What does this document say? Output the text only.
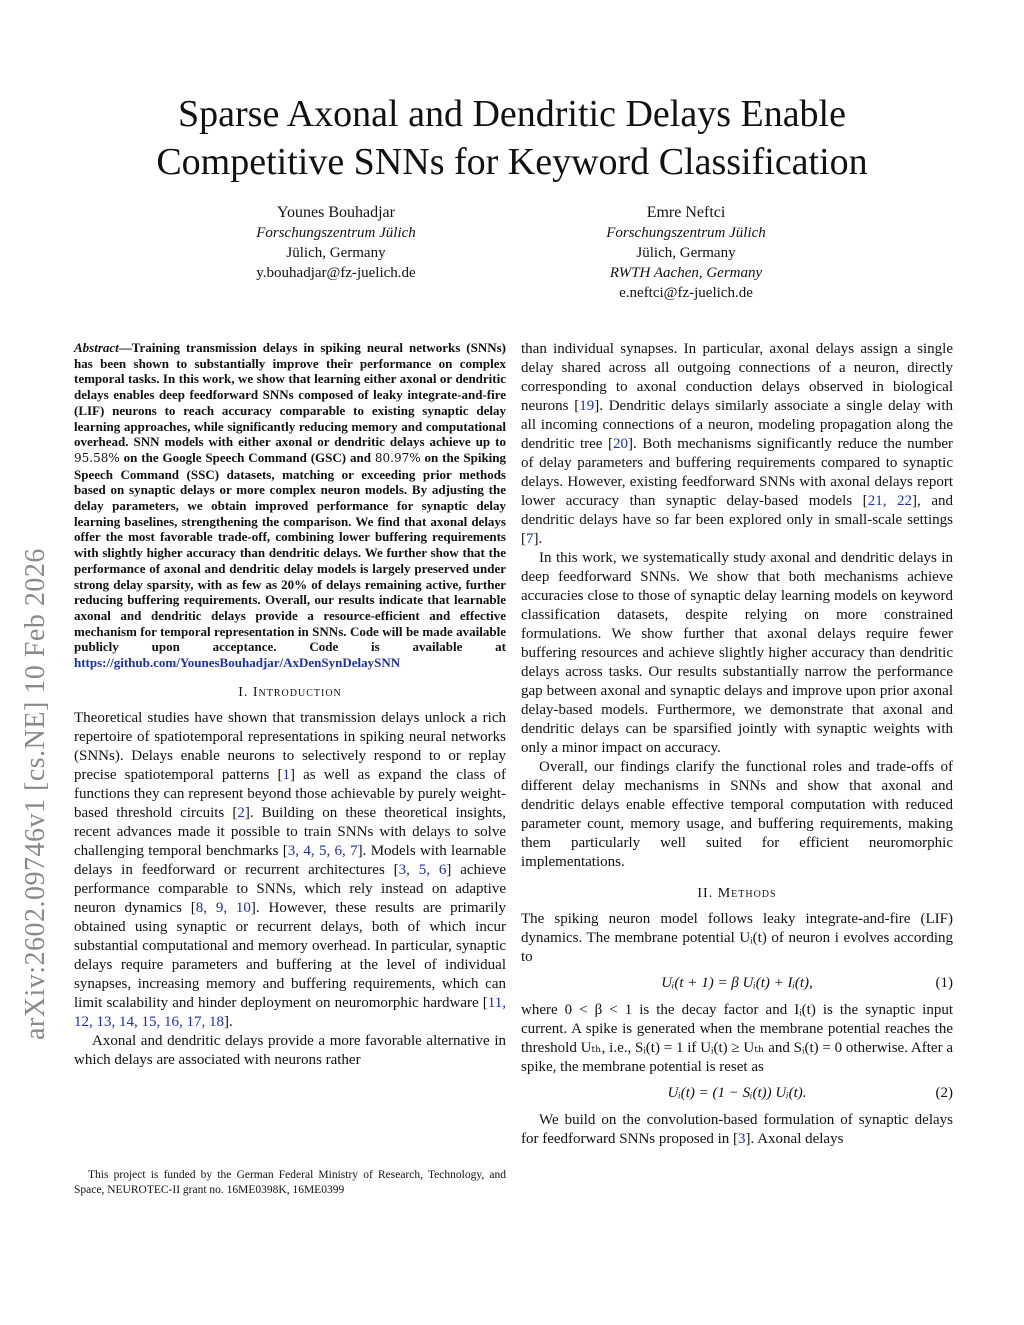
arXiv:2602.09746v1 [cs.NE] 10 Feb 2026
Sparse Axonal and Dendritic Delays Enable
Competitive SNNs for Keyword Classification
Younes Bouhadjar
Forschungszentrum Jülich
Jülich, Germany
y.bouhadjar@fz-juelich.de
Emre Neftci
Forschungszentrum Jülich
Jülich, Germany
RWTH Aachen, Germany
e.neftci@fz-juelich.de
Abstract—Training transmission delays in spiking neural networks (SNNs) has been shown to substantially improve their performance on complex temporal tasks. In this work, we show that learning either axonal or dendritic delays enables deep feedforward SNNs composed of leaky integrate-and-fire (LIF) neurons to reach accuracy comparable to existing synaptic delay learning approaches, while significantly reducing memory and computational overhead. SNN models with either axonal or dendritic delays achieve up to 95.58% on the Google Speech Command (GSC) and 80.97% on the Spiking Speech Command (SSC) datasets, matching or exceeding prior methods based on synaptic delays or more complex neuron models. By adjusting the delay parameters, we obtain improved performance for synaptic delay learning baselines, strengthening the comparison. We find that axonal delays offer the most favorable trade-off, combining lower buffering requirements with slightly higher accuracy than dendritic delays. We further show that the performance of axonal and dendritic delay models is largely preserved under strong delay sparsity, with as few as 20% of delays remaining active, further reducing buffering requirements. Overall, our results indicate that learnable axonal and dendritic delays provide a resource-efficient and effective mechanism for temporal representation in SNNs. Code will be made available publicly upon acceptance. Code is available at https://github.com/YounesBouhadjar/AxDenSynDelaySNN
I. Introduction

Theoretical studies have shown that transmission delays unlock a rich repertoire of spatiotemporal representations in spiking neural networks (SNNs). Delays enable neurons to selectively respond to or replay precise spatiotemporal patterns [1] as well as expand the class of functions they can represent beyond those achievable by purely weight-based threshold circuits [2]. Building on these theoretical insights, recent advances made it possible to train SNNs with delays to solve challenging temporal benchmarks [3, 4, 5, 6, 7]. Models with learnable delays in feedforward or recurrent architectures [3, 5, 6] achieve performance comparable to SNNs, which rely instead on adaptive neuron dynamics [8, 9, 10]. However, these results are primarily obtained using synaptic or recurrent delays, both of which incur substantial computational and memory overhead. In particular, synaptic delays require parameters and buffering at the level of individual synapses, increasing memory and buffering requirements, which can limit scalability and hinder deployment on neuromorphic hardware [11, 12, 13, 14, 15, 16, 17, 18].

Axonal and dendritic delays provide a more favorable alternative in which delays are associated with neurons rather

This project is funded by the German Federal Ministry of Research, Technology, and Space, NEUROTEC-II grant no. 16ME0398K, 16ME0399

than individual synapses. In particular, axonal delays assign a single delay shared across all outgoing connections of a neuron, directly corresponding to axonal conduction delays observed in biological neurons [19]. Dendritic delays similarly associate a single delay with all incoming connections of a neuron, modeling propagation along the dendritic tree [20]. Both mechanisms significantly reduce the number of delay parameters and buffering requirements compared to synaptic delays. However, existing feedforward SNNs with axonal delays report lower accuracy than synaptic delay-based models [21, 22], and dendritic delays have so far been explored only in small-scale settings [7].

In this work, we systematically study axonal and dendritic delays in deep feedforward SNNs. We show that both mechanisms achieve accuracies close to those of synaptic delay learning models on keyword classification datasets, despite relying on more constrained formulations. We show further that axonal delays require fewer buffering resources and achieve slightly higher accuracy than dendritic delays across tasks. Our results substantially narrow the performance gap between axonal and synaptic delays and improve upon prior axonal delay-based models. Furthermore, we demonstrate that axonal and dendritic delays can be sparsified jointly with synaptic weights with only a minor impact on accuracy.

Overall, our findings clarify the functional roles and trade-offs of different delay mechanisms in SNNs and show that axonal and dendritic delays enable effective temporal computation with reduced parameter count, memory usage, and buffering requirements, making them particularly well suited for efficient neuromorphic implementations.

II. Methods

The spiking neuron model follows leaky integrate-and-fire (LIF) dynamics. The membrane potential Uᵢ(t) of neuron i evolves according to

Uᵢ(t + 1) = β Uᵢ(t) + Iᵢ(t),	(1)

where 0 < β < 1 is the decay factor and Iᵢ(t) is the synaptic input current. A spike is generated when the membrane potential reaches the threshold Uₜₕ, i.e., Sᵢ(t) = 1 if Uᵢ(t) ≥ Uₜₕ and Sᵢ(t) = 0 otherwise. After a spike, the membrane potential is reset as

Uᵢ(t) = (1 − Sᵢ(t)) Uᵢ(t).	(2)

We build on the convolution-based formulation of synaptic delays for feedforward SNNs proposed in [3]. Axonal delays
